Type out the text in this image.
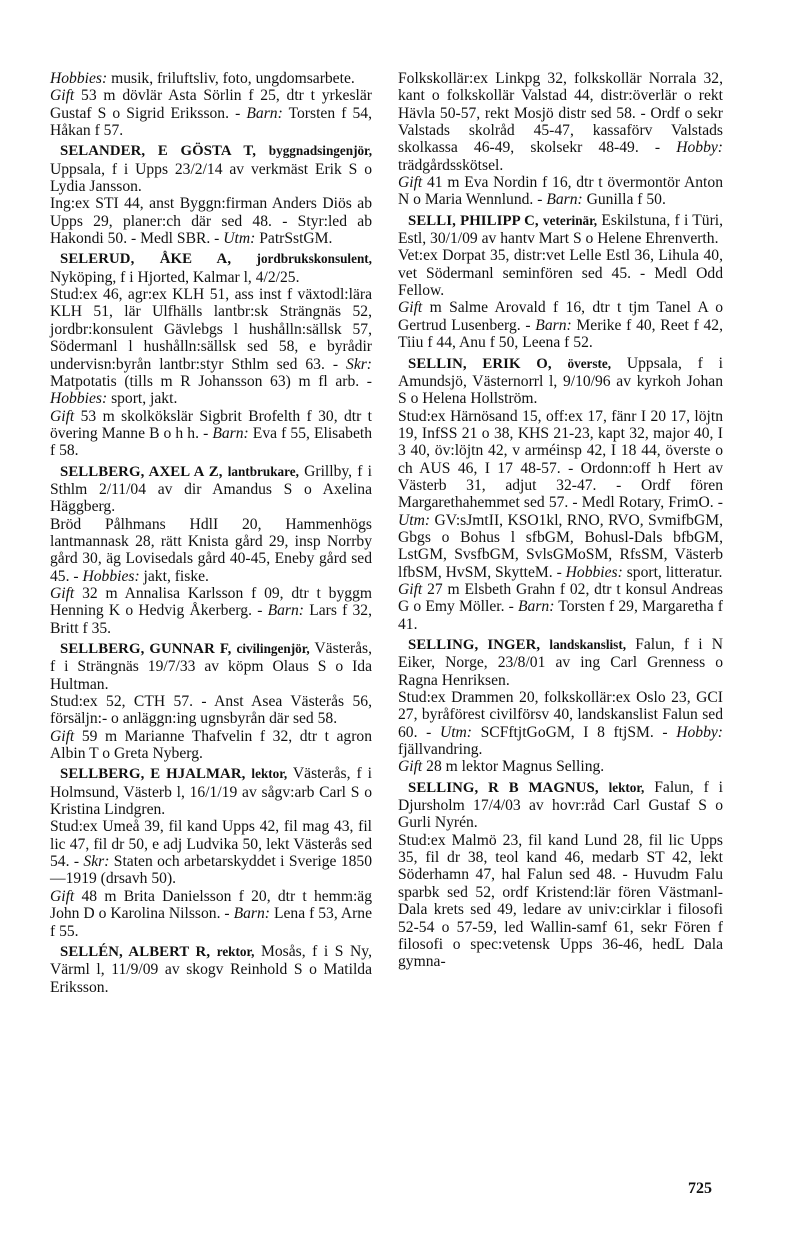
Hobbies: musik, friluftsliv, foto, ungdomsarbete.

Gift 53 m dövlär Asta Sörlin f 25, dtr t yrkeslär Gustaf S o Sigrid Eriksson. - Barn: Torsten f 54, Håkan f 57.

SELANDER, E GÖSTA T, byggnadsingenjör, Uppsala, f i Upps 23/2/14 av verkmäst Erik S o Lydia Jansson.

Ing:ex STI 44, anst Byggn:firman Anders Diös ab Upps 29, planer:ch där sed 48. - Styr:led ab Hakondi 50. - Medl SBR. - Utm: PatrSstGM.

SELERUD, ÅKE A, jordbrukskonsulent, Nyköping, f i Hjorted, Kalmar l, 4/2/25.

Stud:ex 46, agr:ex KLH 51, ass inst f växtodl:lära KLH 51, lär Ulfhälls lantbr:sk Strängnäs 52, jordbr:konsulent Gävlebgs l hushålln:sällsk 57, Södermanl l hushålln:sällsk sed 58, e byrådir undervisn:byrån lantbr:styr Sthlm sed 63. - Skr: Matpotatis (tills m R Johansson 63) m fl arb. - Hobbies: sport, jakt.

Gift 53 m skolkökslär Sigbrit Brofelth f 30, dtr t övering Manne B o h h. - Barn: Eva f 55, Elisabeth f 58.

SELLBERG, AXEL A Z, lantbrukare, Grillby, f i Sthlm 2/11/04 av dir Amandus S o Axelina Häggberg.

Bröd Pålhmans HdlI 20, Hammenhögs lantmannask 28, rätt Knista gård 29, insp Norrby gård 30, äg Lovisedals gård 40-45, Eneby gård sed 45. - Hobbies: jakt, fiske.

Gift 32 m Annalisa Karlsson f 09, dtr t byggm Henning K o Hedvig Åkerberg. - Barn: Lars f 32, Britt f 35.

SELLBERG, GUNNAR F, civilingenjör, Västerås, f i Strängnäs 19/7/33 av köpm Olaus S o Ida Hultman.

Stud:ex 52, CTH 57. - Anst Asea Västerås 56, försäljn:- o anläggn:ing ugnsbyrån där sed 58.

Gift 59 m Marianne Thafvelin f 32, dtr t agron Albin T o Greta Nyberg.

SELLBERG, E HJALMAR, lektor, Västerås, f i Holmsund, Västerb l, 16/1/19 av sågv:arb Carl S o Kristina Lindgren.

Stud:ex Umeå 39, fil kand Upps 42, fil mag 43, fil lic 47, fil dr 50, e adj Ludvika 50, lekt Västerås sed 54. - Skr: Staten och arbetarskyddet i Sverige 1850—1919 (drsavh 50).

Gift 48 m Brita Danielsson f 20, dtr t hemm:äg John D o Karolina Nilsson. - Barn: Lena f 53, Arne f 55.

SELLÉN, ALBERT R, rektor, Mosås, f i S Ny, Värml l, 11/9/09 av skogv Reinhold S o Matilda Eriksson.

Folkskollär:ex Linkpg 32, folkskollär Norrala 32, kant o folkskollär Valstad 44, distr:överlär o rekt Hävla 50-57, rekt Mosjö distr sed 58. - Ordf o sekr Valstads skolråd 45-47, kassaförv Valstads skolkassa 46-49, skolsekr 48-49. - Hobby: trädgårdsskötsel.

Gift 41 m Eva Nordin f 16, dtr t övermontör Anton N o Maria Wennlund. - Barn: Gunilla f 50.

SELLI, PHILIPP C, veterinär, Eskilstuna, f i Türi, Estl, 30/1/09 av hantv Mart S o Helene Ehrenverth.

Vet:ex Dorpat 35, distr:vet Lelle Estl 36, Lihula 40, vet Södermanl seminfören sed 45. - Medl Odd Fellow.

Gift m Salme Arovald f 16, dtr t tjm Tanel A o Gertrud Lusenberg. - Barn: Merike f 40, Reet f 42, Tiiu f 44, Anu f 50, Leena f 52.

SELLIN, ERIK O, överste, Uppsala, f i Amundsjö, Västernorrl l, 9/10/96 av kyrkoh Johan S o Helena Hollström.

Stud:ex Härnösand 15, off:ex 17, fänr I 20 17, löjtn 19, InfSS 21 o 38, KHS 21-23, kapt 32, major 40, I 3 40, öv:löjtn 42, v arméinsp 42, I 18 44, överste o ch AUS 46, I 17 48-57. - Ordonn:off h Hert av Västerb 31, adjut 32-47. - Ordf fören Margarethahemmet sed 57. - Medl Rotary, FrimO. - Utm: GV:sJmtII, KSO1kl, RNO, RVO, SvmifbGM, Gbgs o Bohus l sfbGM, Bohusl-Dals bfbGM, LstGM, SvsfbGM, SvlsGMoSM, RfsSM, Västerb lfbSM, HvSM, SkytteM. - Hobbies: sport, litteratur.

Gift 27 m Elsbeth Grahn f 02, dtr t konsul Andreas G o Emy Möller. - Barn: Torsten f 29, Margaretha f 41.

SELLING, INGER, landskanslist, Falun, f i N Eiker, Norge, 23/8/01 av ing Carl Grenness o Ragna Henriksen.

Stud:ex Drammen 20, folkskollär:ex Oslo 23, GCI 27, byråförest civilförsv 40, landskanslist Falun sed 60. - Utm: SCFftjtGoGM, I 8 ftjSM. - Hobby: fjällvandring.

Gift 28 m lektor Magnus Selling.

SELLING, R B MAGNUS, lektor, Falun, f i Djursholm 17/4/03 av hovr:råd Carl Gustaf S o Gurli Nyrén.

Stud:ex Malmö 23, fil kand Lund 28, fil lic Upps 35, fil dr 38, teol kand 46, medarb ST 42, lekt Söderhamn 47, hal Falun sed 48. - Huvudm Falu sparbk sed 52, ordf Kristend:lär fören Västmanl-Dala krets sed 49, ledare av univ:cirklar i filosofi 52-54 o 57-59, led Wallin-samf 61, sekr Fören f filosofi o spec:vetensk Upps 36-46, hedL Dala gymna-

725
